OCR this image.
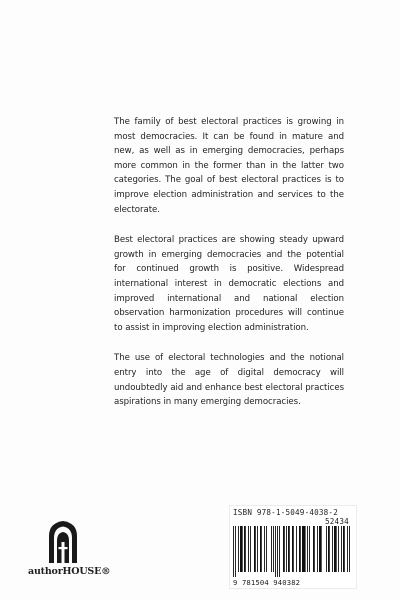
The family of best electoral practices is growing in most democracies. It can be found in mature and new, as well as in emerging democracies, perhaps more common in the former than in the latter two categories. The goal of best electoral practices is to improve election administration and services to the electorate.

Best electoral practices are showing steady upward growth in emerging democracies and the potential for continued growth is positive. Widespread international interest in democratic elections and improved international and national election observation harmonization procedures will continue to assist in improving election administration.

The use of electoral technologies and the notional entry into the age of digital democracy will undoubtedly aid and enhance best electoral practices aspirations in many emerging democracies.

authorHOUSE®
ISBN 978-1-5049-4038-2
52434
9 781504 940382
